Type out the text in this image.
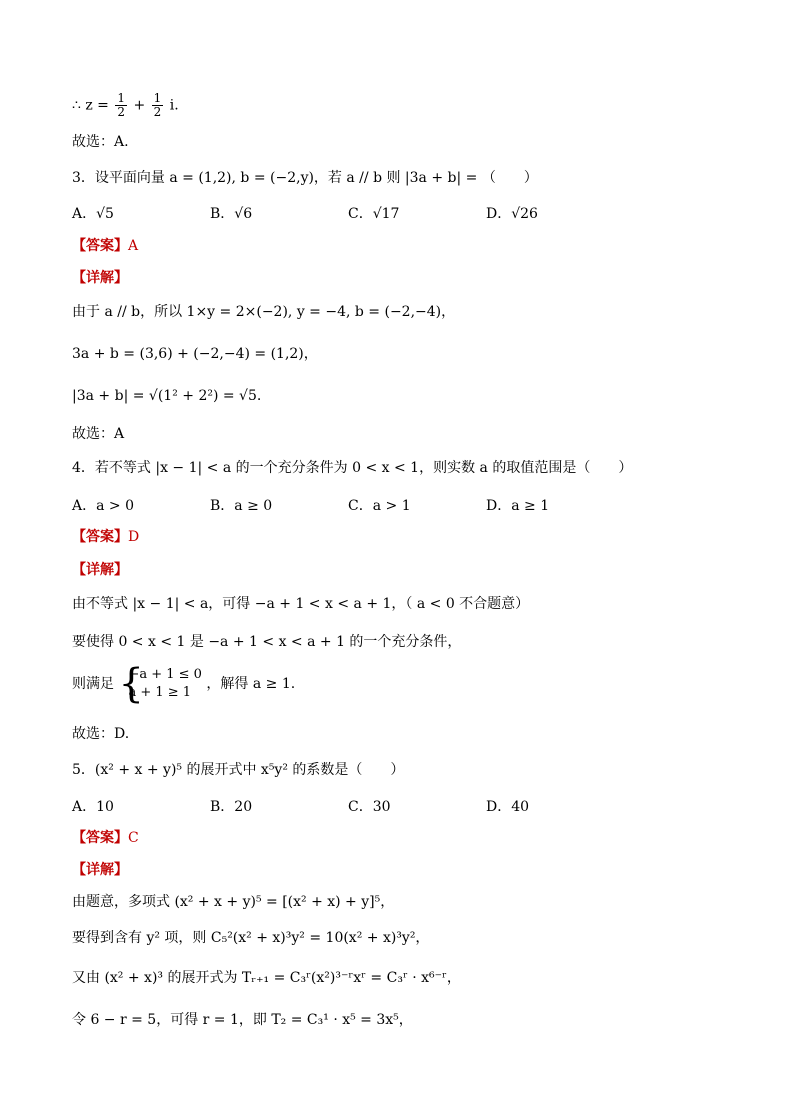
∴ $z = \frac{1}{2} + \frac{1}{2} i$.
故选：A.
3．设平面向量 a = (1,2), b = (−2,y)，若 a // b 则 |3a + b| = （　　）
A．√5	B．√6	C．√17	D．√26
【答案】A
【详解】
由于 a // b，所以 1×y = 2×(−2), y = −4, b = (−2,−4)，
3a + b = (3,6) + (−2,−4) = (1,2)，
|3a + b| = √(1² + 2²) = √5.
故选：A
4．若不等式 |x − 1| < a 的一个充分条件为 0 < x < 1，则实数 a 的取值范围是（　　）
A．a > 0	B．a ≥ 0	C．a > 1	D．a ≥ 1
【答案】D
【详解】
由不等式 |x − 1| < a，可得 −a + 1 < x < a + 1，（ a < 0 不合题意）
要使得 0 < x < 1 是 −a + 1 < x < a + 1 的一个充分条件，
则满足 {
−a + 1 ≤ 0
a + 1 ≥ 1
，解得 a ≥ 1.
故选：D.
5．(x² + x + y)⁵ 的展开式中 x⁵y² 的系数是（　　）
A．10	B．20	C．30	D．40
【答案】C
【详解】
由题意，多项式 (x² + x + y)⁵ = [(x² + x) + y]⁵，
要得到含有 y² 项，则 C₅²(x² + x)³y² = 10(x² + x)³y²，
又由 (x² + x)³ 的展开式为 Tᵣ₊₁ = C₃ʳ(x²)³⁻ʳxʳ = C₃ʳ · x⁶⁻ʳ，
令 6 − r = 5，可得 r = 1，即 T₂ = C₃¹ · x⁵ = 3x⁵，
